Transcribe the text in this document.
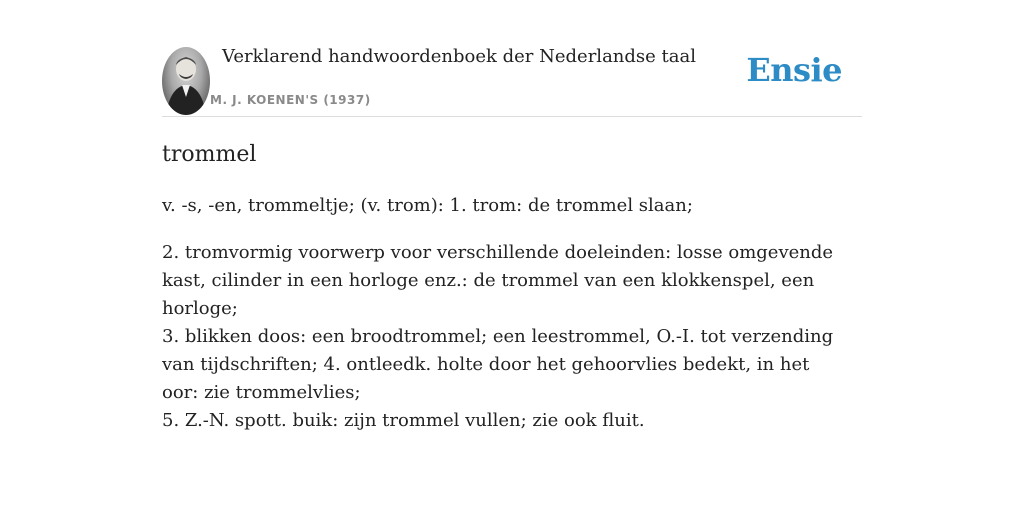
Verklarend handwoordenboek der Nederlandse taal
M. J. KOENEN'S (1937)
Ensie
trommel

v. -s, -en, trommeltje; (v. trom): 1. trom: de trommel slaan;

2. tromvormig voorwerp voor verschillende doeleinden: losse omgevende kast, cilinder in een horloge enz.: de trommel van een klokkenspel, een horloge;
3. blikken doos: een broodtrommel; een leestrommel, O.-I. tot verzending van tijdschriften; 4. ontleedk. holte door het gehoorvlies bedekt, in het oor: zie trommelvlies;
5. Z.-N. spott. buik: zijn trommel vullen; zie ook fluit.
